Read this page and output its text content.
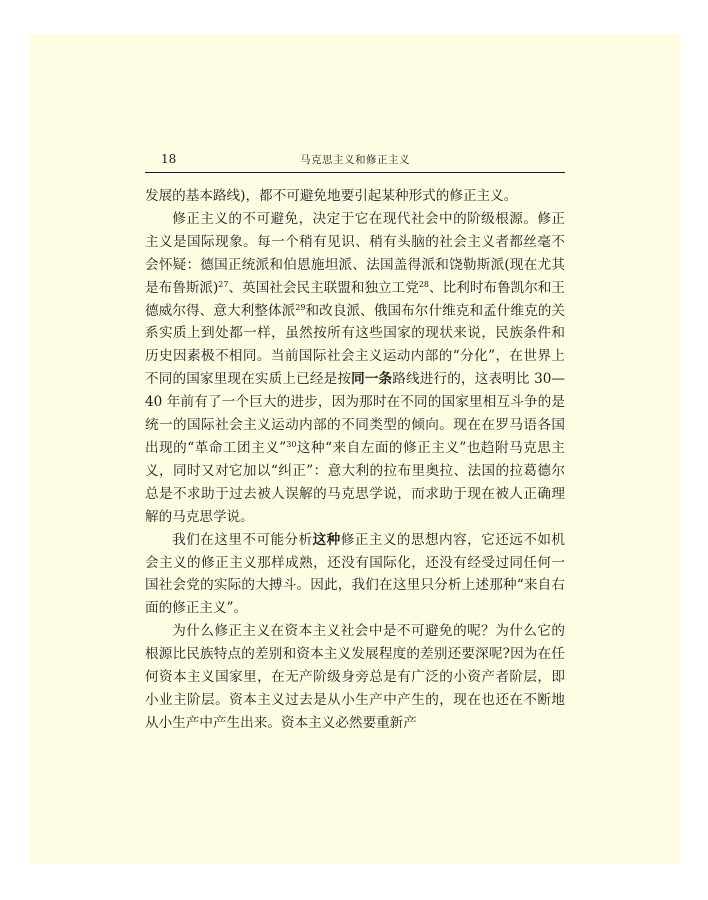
18	马克思主义和修正主义

发展的基本路线)，都不可避免地要引起某种形式的修正主义。

修正主义的不可避免，决定于它在现代社会中的阶级根源。修正主义是国际现象。每一个稍有见识、稍有头脑的社会主义者都丝毫不会怀疑：德国正统派和伯恩施坦派、法国盖得派和饶勒斯派(现在尤其是布鲁斯派)$^{27}$、英国社会民主联盟和独立工党$^{28}$、比利时布鲁凯尔和王德威尔得、意大利整体派$^{29}$和改良派、俄国布尔什维克和孟什维克的关系实质上到处都一样，虽然按所有这些国家的现状来说，民族条件和历史因素极不相同。当前国际社会主义运动内部的“分化”，在世界上不同的国家里现在实质上已经是按同一条路线进行的，这表明比 30—40 年前有了一个巨大的进步，因为那时在不同的国家里相互斗争的是统一的国际社会主义运动内部的不同类型的倾向。现在在罗马语各国出现的“革命工团主义”$^{30}$这种“来自左面的修正主义”也趋附马克思主义，同时又对它加以“纠正”：意大利的拉布里奥拉、法国的拉葛德尔总是不求助于过去被人误解的马克思学说，而求助于现在被人正确理解的马克思学说。

我们在这里不可能分析这种修正主义的思想内容，它还远不如机会主义的修正主义那样成熟，还没有国际化，还没有经受过同任何一国社会党的实际的大搏斗。因此，我们在这里只分析上述那种“来自右面的修正主义”。

为什么修正主义在资本主义社会中是不可避免的呢？为什么它的根源比民族特点的差别和资本主义发展程度的差别还要深呢?因为在任何资本主义国家里，在无产阶级身旁总是有广泛的小资产者阶层，即小业主阶层。资本主义过去是从小生产中产生的，现在也还在不断地从小生产中产生出来。资本主义必然要重新产
